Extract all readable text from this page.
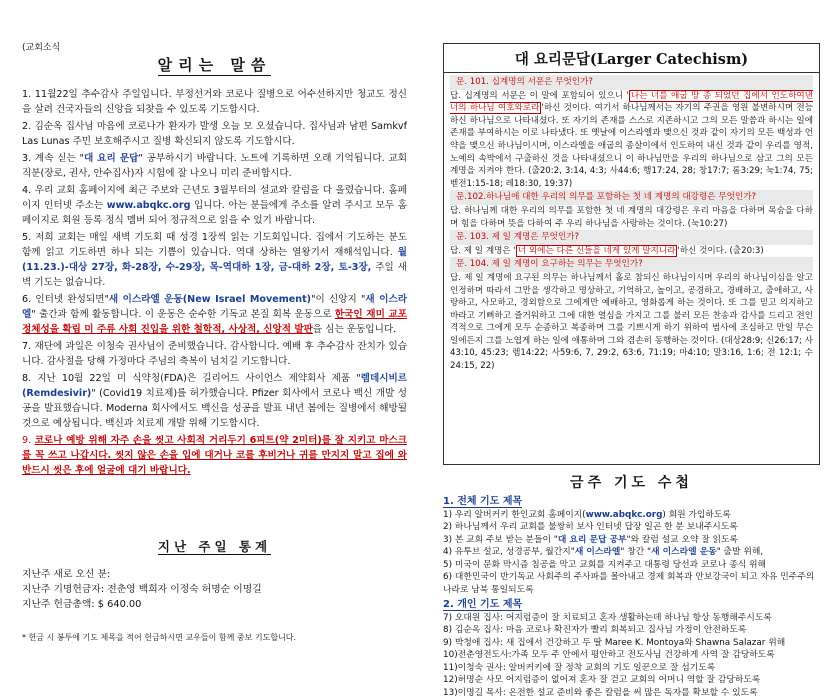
(교회소식
알리는 말씀

1. 11월22일 추수감사 주일입니다. 부정선거와 코로나 질병으로 어수선하지만 청교도 정신을 살려 건국자들의 신앙을 되찾을 수 있도록 기도합시다.

2. 김순옥 집사님 마음에 코로나가 환자가 발생 오늘 모 오셨습니다. 집사님과 남편 Samkvf Las Lunas 주민 보호해주시고 질병 확신되지 않도록 기도합시다.

3. 계속 싣는 "대 요리 문답" 공부하시기 바랍니다. 노트에 기록하면 오래 기억됩니다. 교회 직분(장로, 권사, 안수집사)자 시험에 잘 나오니 미리 준비합시다.

4. 우리 교회 홈페이지에 최근 주보와 근년도 3월부터의 설교와 칼럼을 다 올렸습니다. 홈페이지 인터넷 주소는 www.abqkc.org 입니다. 아는 분들에게 주소를 알려 주시고 모두 홈페이지로 회원 등록 정식 멤버 되어 정규적으로 읽을 수 있기 바랍니다.

5. 저희 교회는 매일 새벽 기도회 때 성경 1장씩 읽는 기도회입니다. 집에서 기도하는 분도 함께 읽고 기도하면 하나 되는 기쁨이 있습니다. 역대 상하는 열왕기서 재해석입니다. 월(11.23.)-대상 27장, 화-28장, 수-29장, 목-역대하 1장, 금-대하 2장, 토-3장, 주일 새벽 기도는 없습니다.

6. 인터넷 완성되면"새 이스라엘 운동(New Israel Movement)"이 신앙지 "새 이스라엘" 출간과 함께 활동합니다. 이 운동은 순수한 기독교 본질 회복 운동으로 한국인 재미 교포 정체성을 확립 미 주류 사회 진입을 위한 철학적, 사상적, 신앙적 발판을 심는 운동입니다.

7. 재단에 과일은 이청숙 권사님이 준비했습니다. 감사합니다. 예배 후 추수감사 잔치가 있습니다. 감사절을 당해 가정마다 주님의 축복이 넘치길 기도합니다.

8. 지난 10월 22일 미 식약청(FDA)은 길리어드 사이언스 제약회사 제품 "렘데시비르 (Remdesivir)" (Covid19 치료제)를 허가했습니다. Pfizer 회사에서 코로나 백신 개발 성공을 발표했습니다. Moderna 회사에서도 백신을 성공을 발표 내년 봄에는 질병에서 해방될 것으로 예상됩니다. 백신과 치료제 개발 위해 기도합시다.

9. 코로나 예방 위해 자주 손을 씻고 사회적 거리두기 6피트(약 2미터)를 잘 지키고 마스크를 꼭 쓰고 나갑시다. 씻지 않은 손을 입에 대거나 코를 후비거나 귀를 만지지 말고 집에 와 반드시 씻은 후에 얼굴에 대기 바랍니다.

지난 주일 통계

지난주 새로 오신 분:

지난주 기명헌금자: 전춘영 백희자 이정숙 허명순 이명길

지난주 헌금총액: $ 640.00

* 헌금 시 봉투에 기도 제목을 적어 헌금하시면 교우들이 함께 중보 기도합니다.
대 요리문답(Larger Catechism)

문. 101. 십계명의 서문은 무엇인가?

답. 십계명의 서문은 이 말에 포함되어 있으니 ' 나는 너를 애굽 땅 종 되었던 집에서 인도하여낸 너의 하나님 여호와로라 '하신 것이다. 여기서 하나님께서는 자기의 주권을 영원 불변하시며 전능하신 하나님으로 나타내셨다. 또 자기의 존재를 스스로 지존하시고 그의 모든 말씀과 하시는 일에 존재를 부여하시는 이로 나타냈다. 또 옛날에 이스라엘과 맺으신 것과 같이 자기의 모든 백성과 언약을 맺으신 하나님이시며, 이스라엘을 애굽의 종살이에서 인도하여 내신 것과 같이 우리를 영적, 노예의 속박에서 구출하신 것을 나타내셨으니 이 하나님만을 우리의 하나님으로 삼고 그의 모든 계명을 지켜야 한다. (출20:2, 3:14, 4:3; 사44:6; 행17:24, 28; 창17:7; 롬3:29; 눅1:74, 75; 벧전1:15-18; 레18:30, 19:37)

문.102.하나님에 대한 우리의 의무를 포함하는 첫 네 계명의 대강령은 무엇인가?

답. 하나님께 대한 우리의 의무를 포함한 첫 네 계명의 대강령은 우리 마음을 다하며 목숨을 다하며 힘을 다하며 뜻을 다하여 주 우리 하나님을 사랑하는 것이다. (눅10:27)

문. 103. 제 일 계명은 무엇인가?

답. 제 일 계명은 ' 너 외에는 다른 신들을 네게 있게 말지니라 '하신 것이다. (출20:3)

문. 104. 제 일 계명이 요구하는 의무는 무엇인가?

답. 제 일 계명에 요구된 의무는 하나님께서 홀로 참되신 하나님이시며 우리의 하나님이심을 알고 인정하며 따라서 그만을 생각하고 명상하고, 기억하고, 높이고, 공경하고, 경배하고, 출애하고, 사랑하고, 사모하고, 경외함으로 그에게만 예배하고, 영화롭게 하는 것이다. 또 그를 믿고 의지하고 바라고 기뻐하고 즐거워하고 그에 대한 열심을 가지고 그를 불러 모든 찬송과 감사를 드리고 전인격적으로 그에게 모두 순종하고 복종하며 그를 기쁘시게 하기 위하여 범사에 조심하고 만일 무슨 일에든지 그를 노엽게 하는 일에 애통하며 그와 겸손히 동행하는 것이다. (대상28:9; 신26:17; 사43:10, 45:23; 렘14:22; 사59:6, 7, 29:2, 63:6, 71:19; 마4:10; 말3:16, 1:6; 전 12:1; 수24:15, 22)

금주 기도 수첩
1. 전체 기도 제목

1) 우리 알버커키 한인교회 홈페이지(www.abqkc.org) 회원 가입하도록

2) 하나님께서 우리 교회를 불쌍히 보사 인터넷 답장 일곤 한 분 보내주시도록

3) 본 교회 주보 받는 분들이 "대 요리 문답 공부"와 칼럼 설교 오약 잘 읽도록

4) 유투브 설교, 성경공부, 월간지"새 이스라엘" 창간 "새 이스라엘 운동" 출발 위해,

5) 미국이 문화 막시즘 침공을 막고 교회를 지켜주고 대통령 당선과 코로나 종식 위해

6) 대한민국이 반기독교 사회주의 주사파를 몰아내고 경제 회복과 안보강국이 되고 자유 민주주의 나라로 남북 통일되도록

2. 개인 기도 제목

7) 오대원 집사: 어지럼증이 잘 치료되고 혼자 생활하는데 하나님 항상 동행해주시도록

8) 김순옥 집사: 마음 코로나 확진자가 빨리 회복되고 집사님 가정이 안전하도록

9) 박청애 집사: 새 집에서 건강하고 두 딸 Maree K. Montoya와 Shawna Salazar 위해

10)전춘영전도사:가족 모두 주 안에서 평안하고 전도사님 건강하게 사역 잘 감당하도록

11)이청숙 권사: 알버커키에 잘 정착 교회의 기도 일꾼으로 잘 섬기도록

12)허명순 사모 어지럼증이 없어져 혼자 잘 걷고 교회의 어머니 역할 잘 감당하도록

13)이명길 목사: 온전한 설교 준비와 좋은 칼럼을 써 많은 독자를 확보할 수 있도록
